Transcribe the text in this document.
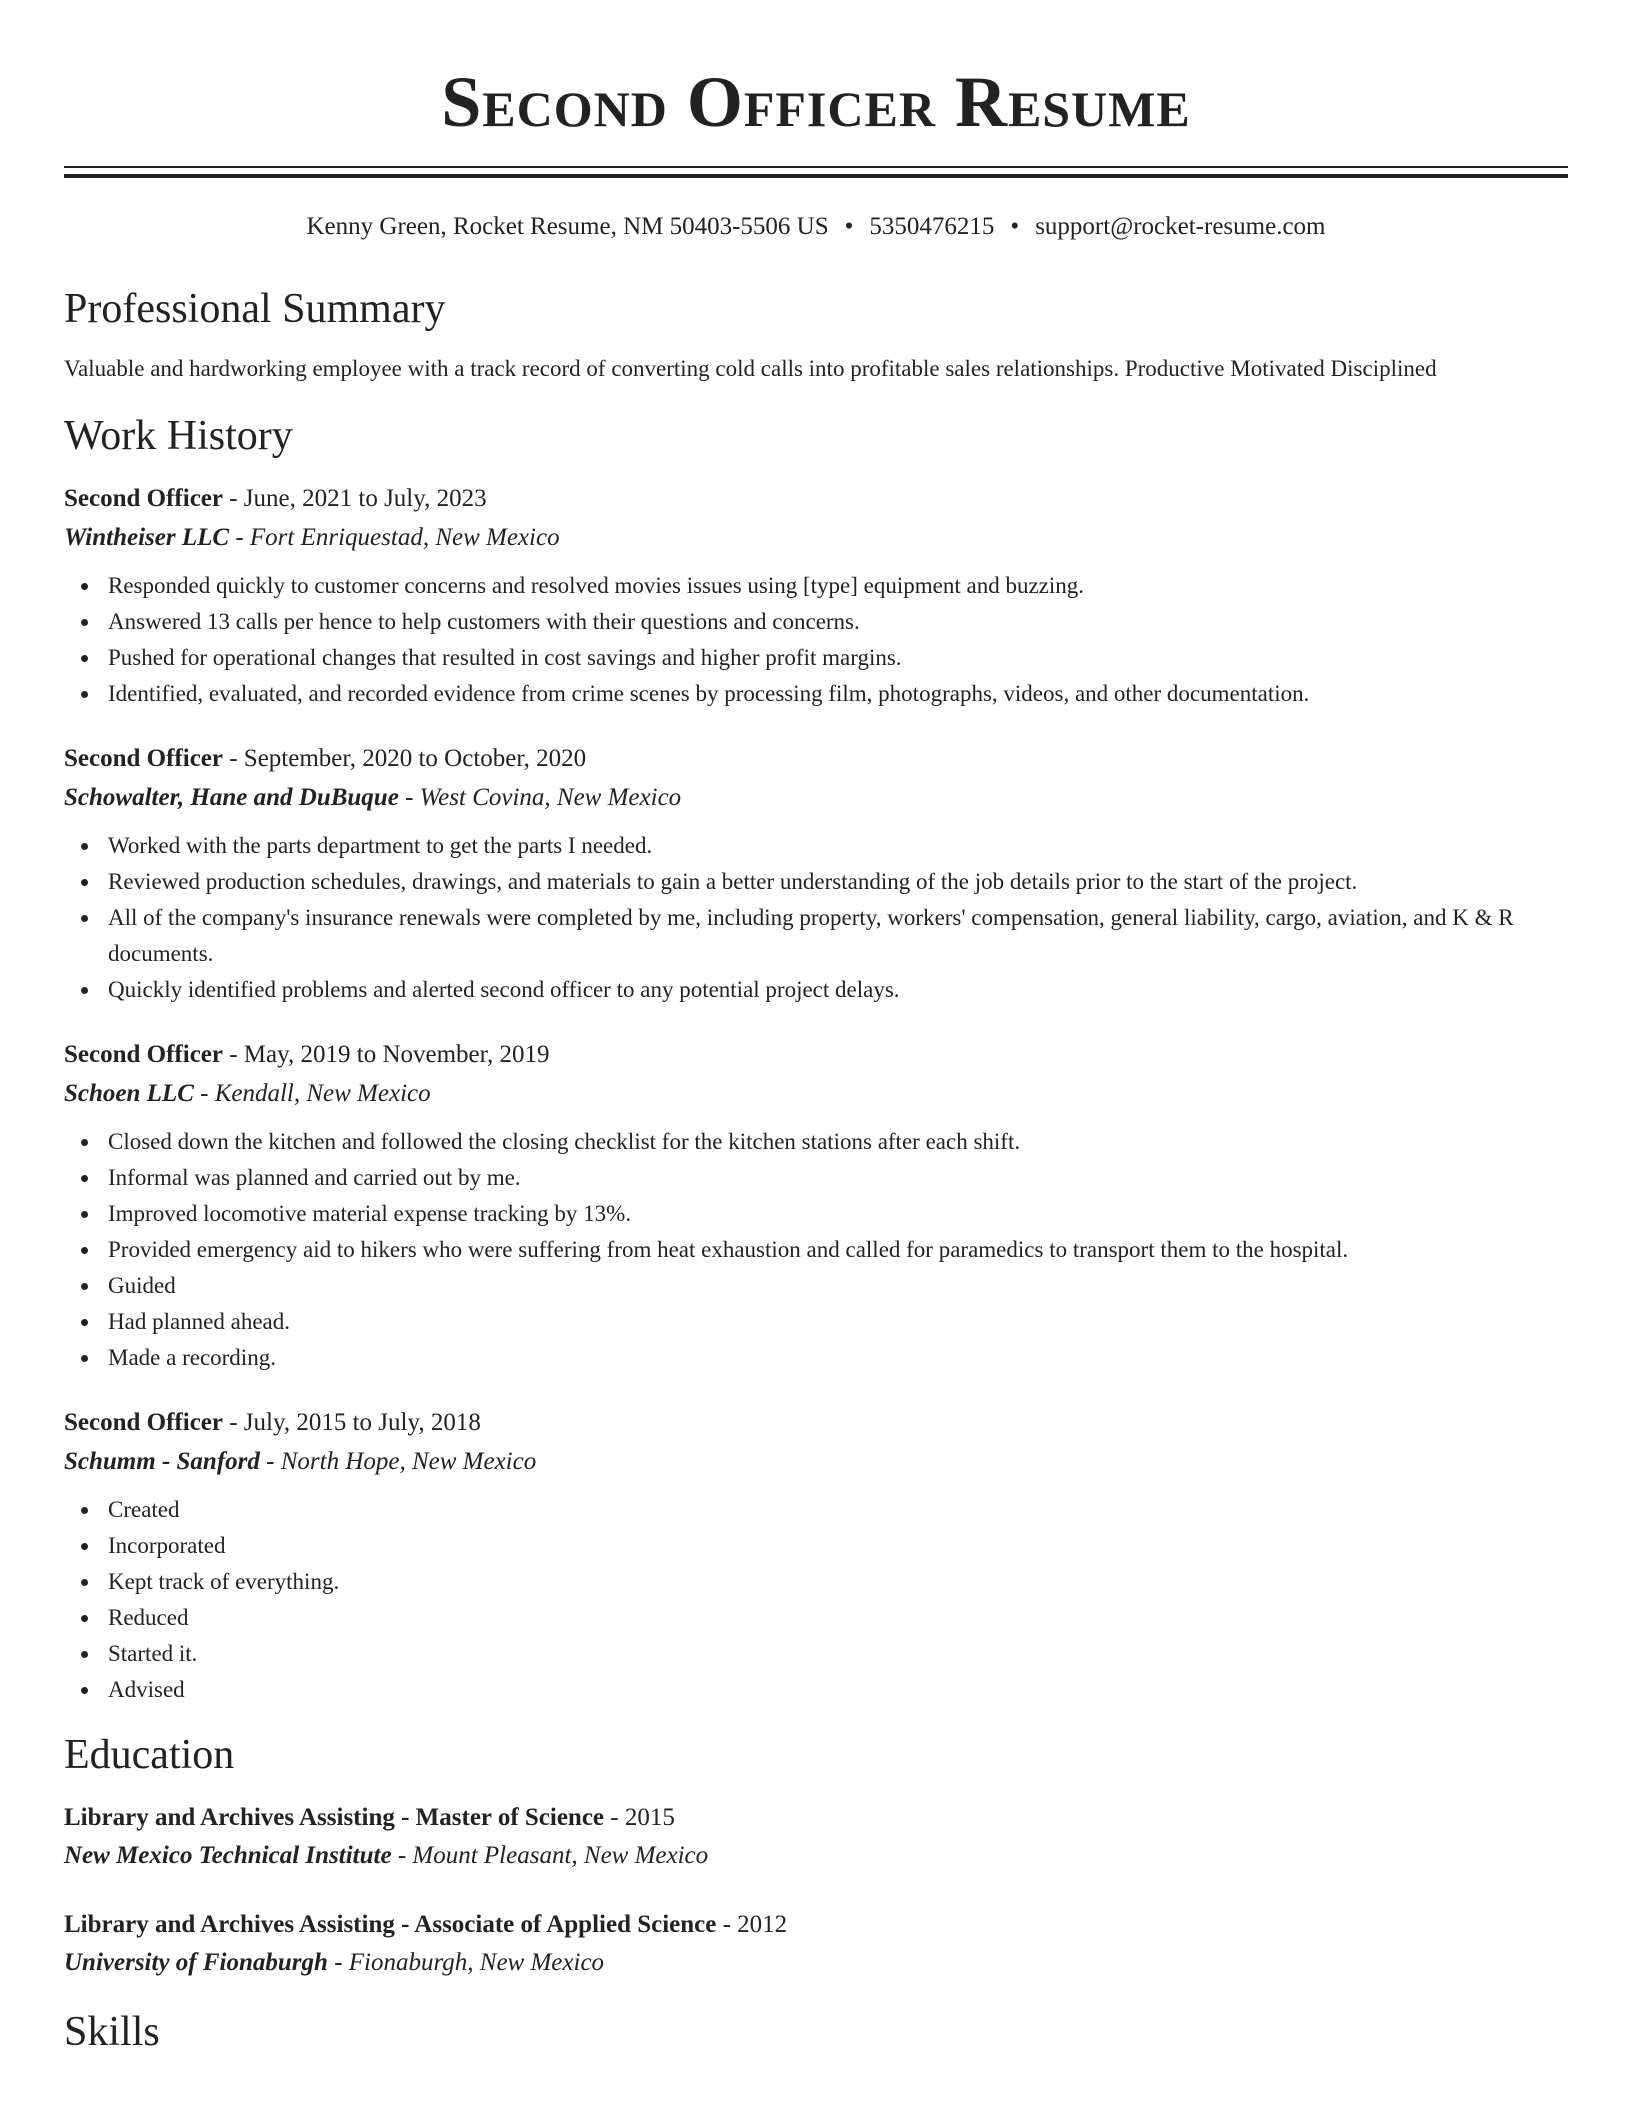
Second Officer Resume
Kenny Green, Rocket Resume, NM 50403-5506 US • 5350476215 • support@rocket-resume.com
Professional Summary
Valuable and hardworking employee with a track record of converting cold calls into profitable sales relationships. Productive Motivated Disciplined
Work History
Second Officer - June, 2021 to July, 2023
Wintheiser LLC - Fort Enriquestad, New Mexico
Responded quickly to customer concerns and resolved movies issues using [type] equipment and buzzing.
Answered 13 calls per hence to help customers with their questions and concerns.
Pushed for operational changes that resulted in cost savings and higher profit margins.
Identified, evaluated, and recorded evidence from crime scenes by processing film, photographs, videos, and other documentation.
Second Officer - September, 2020 to October, 2020
Schowalter, Hane and DuBuque - West Covina, New Mexico
Worked with the parts department to get the parts I needed.
Reviewed production schedules, drawings, and materials to gain a better understanding of the job details prior to the start of the project.
All of the company's insurance renewals were completed by me, including property, workers' compensation, general liability, cargo, aviation, and K & R documents.
Quickly identified problems and alerted second officer to any potential project delays.
Second Officer - May, 2019 to November, 2019
Schoen LLC - Kendall, New Mexico
Closed down the kitchen and followed the closing checklist for the kitchen stations after each shift.
Informal was planned and carried out by me.
Improved locomotive material expense tracking by 13%.
Provided emergency aid to hikers who were suffering from heat exhaustion and called for paramedics to transport them to the hospital.
Guided
Had planned ahead.
Made a recording.
Second Officer - July, 2015 to July, 2018
Schumm - Sanford - North Hope, New Mexico
Created
Incorporated
Kept track of everything.
Reduced
Started it.
Advised
Education
Library and Archives Assisting - Master of Science - 2015
New Mexico Technical Institute - Mount Pleasant, New Mexico
Library and Archives Assisting - Associate of Applied Science - 2012
University of Fionaburgh - Fionaburgh, New Mexico
Skills
